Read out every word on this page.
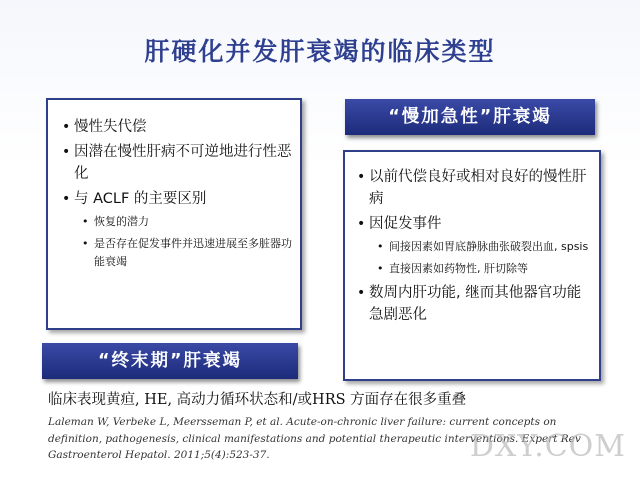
肝硬化并发肝衰竭的临床类型
• 慢性失代偿
• 因潜在慢性肝病不可逆地进行性恶化
• 与 ACLF 的主要区别
• 恢复的潜力
• 是否存在促发事件并迅速进展至多脏器功能衰竭
“终末期”肝衰竭
“慢加急性”肝衰竭
• 以前代偿良好或相对良好的慢性肝病
• 因促发事件
• 间接因素如胃底静脉曲张破裂出血, spsis
• 直接因素如药物性, 肝切除等
• 数周内肝功能, 继而其他器官功能急剧恶化
临床表现黄疸, HE, 高动力循环状态和/或HRS 方面存在很多重叠
Laleman W, Verbeke L, Meersseman P, et al. Acute-on-chronic liver failure: current concepts on definition, pathogenesis, clinical manifestations and potential therapeutic interventions. Expert Rev Gastroenterol Hepatol. 2011;5(4):523-37.	DXY.COM
